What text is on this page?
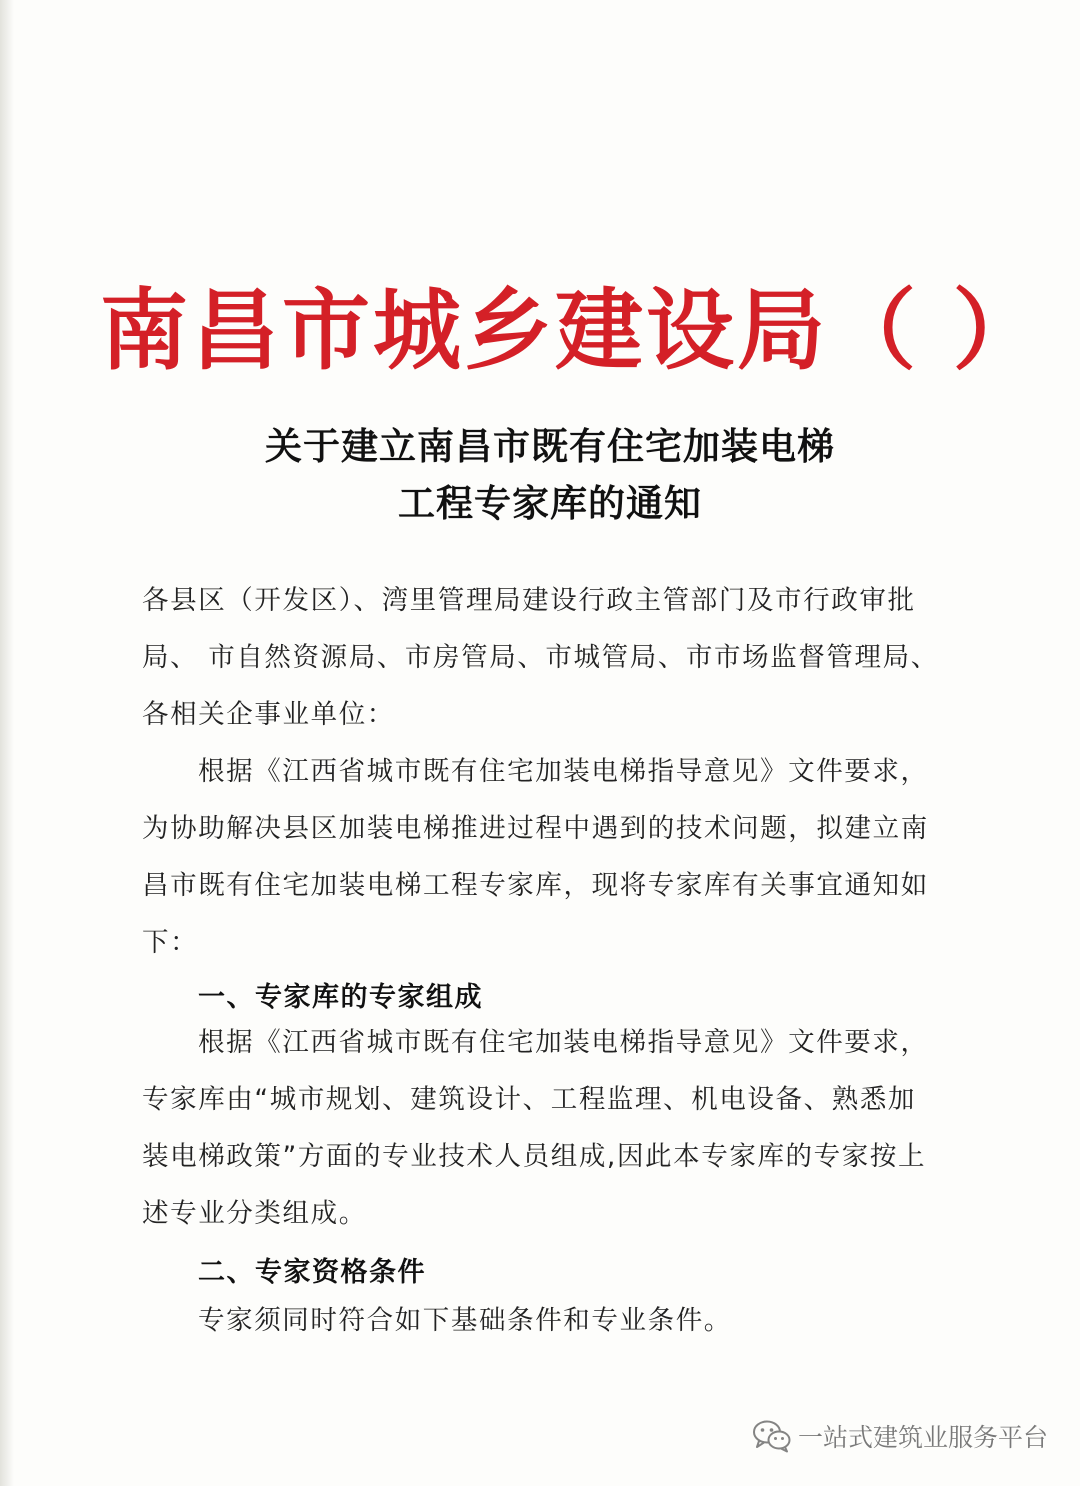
南昌市城乡建设局（ ）
关于建立南昌市既有住宅加装电梯
工程专家库的通知
各县区（开发区）、湾里管理局建设行政主管部门及市行政审批
局、 市自然资源局、市房管局、市城管局、市市场监督管理局、
各相关企事业单位：
根据《江西省城市既有住宅加装电梯指导意见》文件要求，
为协助解决县区加装电梯推进过程中遇到的技术问题，拟建立南
昌市既有住宅加装电梯工程专家库，现将专家库有关事宜通知如
下：
一、专家库的专家组成
根据《江西省城市既有住宅加装电梯指导意见》文件要求，
专家库由“城市规划、建筑设计、工程监理、机电设备、熟悉加
装电梯政策”方面的专业技术人员组成,因此本专家库的专家按上
述专业分类组成。
二、专家资格条件
专家须同时符合如下基础条件和专业条件。
一站式建筑业服务平台
